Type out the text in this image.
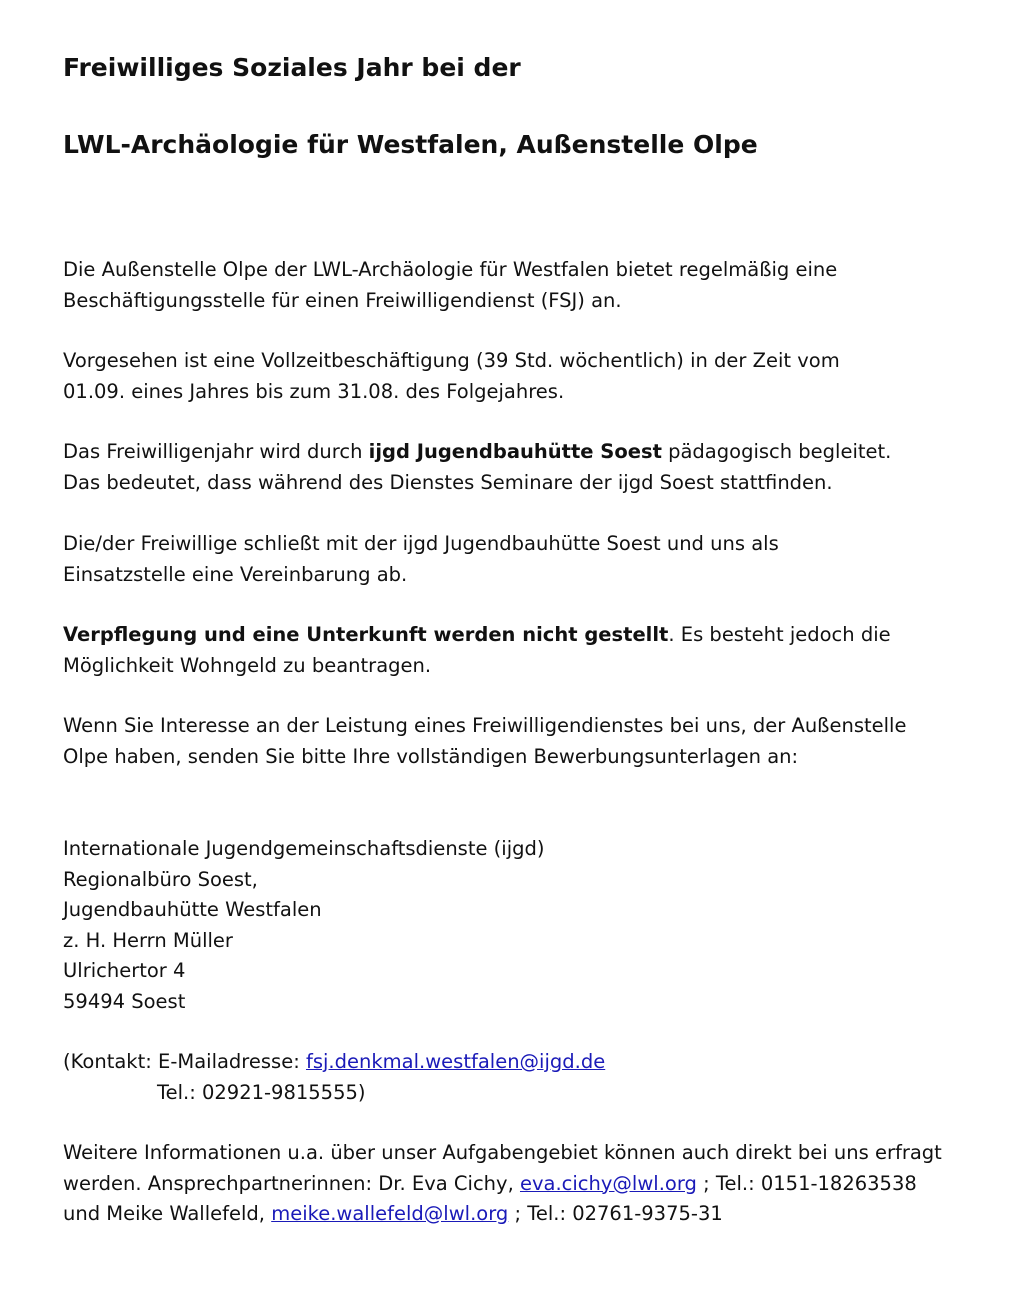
Freiwilliges Soziales Jahr bei der
LWL-Archäologie für Westfalen, Außenstelle Olpe

Die Außenstelle Olpe der LWL-Archäologie für Westfalen bietet regelmäßig eine
Beschäftigungsstelle für einen Freiwilligendienst (FSJ) an.

Vorgesehen ist eine Vollzeitbeschäftigung (39 Std. wöchentlich) in der Zeit vom
01.09. eines Jahres bis zum 31.08. des Folgejahres.

Das Freiwilligenjahr wird durch ijgd Jugendbauhütte Soest pädagogisch begleitet.
Das bedeutet, dass während des Dienstes Seminare der ijgd Soest stattfinden.

Die/der Freiwillige schließt mit der ijgd Jugendbauhütte Soest und uns als
Einsatzstelle eine Vereinbarung ab.

Verpflegung und eine Unterkunft werden nicht gestellt. Es besteht jedoch die
Möglichkeit Wohngeld zu beantragen.

Wenn Sie Interesse an der Leistung eines Freiwilligendienstes bei uns, der Außenstelle
Olpe haben, senden Sie bitte Ihre vollständigen Bewerbungsunterlagen an:

Internationale Jugendgemeinschaftsdienste (ijgd)
Regionalbüro Soest,
Jugendbauhütte Westfalen
z. H. Herrn Müller
Ulrichertor 4
59494 Soest

(Kontakt: E-Mailadresse: fsj.denkmal.westfalen@ijgd.de
Tel.: 02921-9815555)

Weitere Informationen u.a. über unser Aufgabengebiet können auch direkt bei uns erfragt
werden. Ansprechpartnerinnen: Dr. Eva Cichy, eva.cichy@lwl.org ; Tel.: 0151-18263538
und Meike Wallefeld, meike.wallefeld@lwl.org ; Tel.: 02761-9375-31
